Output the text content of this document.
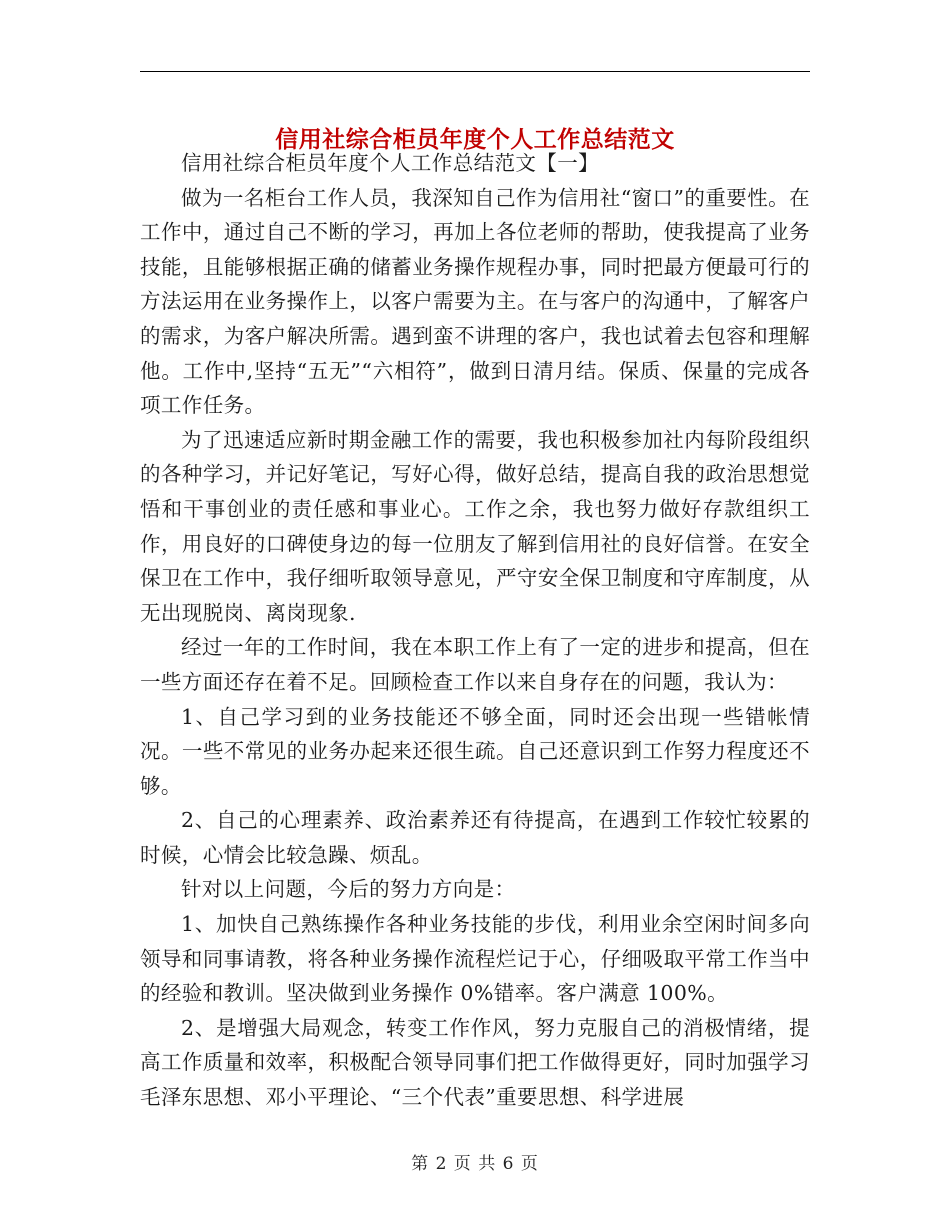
信用社综合柜员年度个人工作总结范文

信用社综合柜员年度个人工作总结范文【一】

做为一名柜台工作人员，我深知自己作为信用社“窗口”的重要性。在工作中，通过自己不断的学习，再加上各位老师的帮助，使我提高了业务技能，且能够根据正确的储蓄业务操作规程办事，同时把最方便最可行的方法运用在业务操作上，以客户需要为主。在与客户的沟通中，了解客户的需求，为客户解决所需。遇到蛮不讲理的客户，我也试着去包容和理解他。工作中,坚持“五无”“六相符”，做到日清月结。保质、保量的完成各项工作任务。

为了迅速适应新时期金融工作的需要，我也积极参加社内每阶段组织的各种学习，并记好笔记，写好心得，做好总结，提高自我的政治思想觉悟和干事创业的责任感和事业心。工作之余，我也努力做好存款组织工作，用良好的口碑使身边的每一位朋友了解到信用社的良好信誉。在安全保卫在工作中，我仔细听取领导意见，严守安全保卫制度和守库制度，从无出现脱岗、离岗现象.

经过一年的工作时间，我在本职工作上有了一定的进步和提高，但在一些方面还存在着不足。回顾检查工作以来自身存在的问题，我认为：

1、自己学习到的业务技能还不够全面，同时还会出现一些错帐情况。一些不常见的业务办起来还很生疏。自己还意识到工作努力程度还不够。

2、自己的心理素养、政治素养还有待提高，在遇到工作较忙较累的时候，心情会比较急躁、烦乱。

针对以上问题，今后的努力方向是：

1、加快自己熟练操作各种业务技能的步伐，利用业余空闲时间多向领导和同事请教，将各种业务操作流程烂记于心，仔细吸取平常工作当中的经验和教训。坚决做到业务操作 0%错率。客户满意 100%。

2、是增强大局观念，转变工作作风，努力克服自己的消极情绪，提高工作质量和效率，积极配合领导同事们把工作做得更好，同时加强学习毛泽东思想、邓小平理论、“三个代表”重要思想、科学进展

第 2 页 共 6 页
